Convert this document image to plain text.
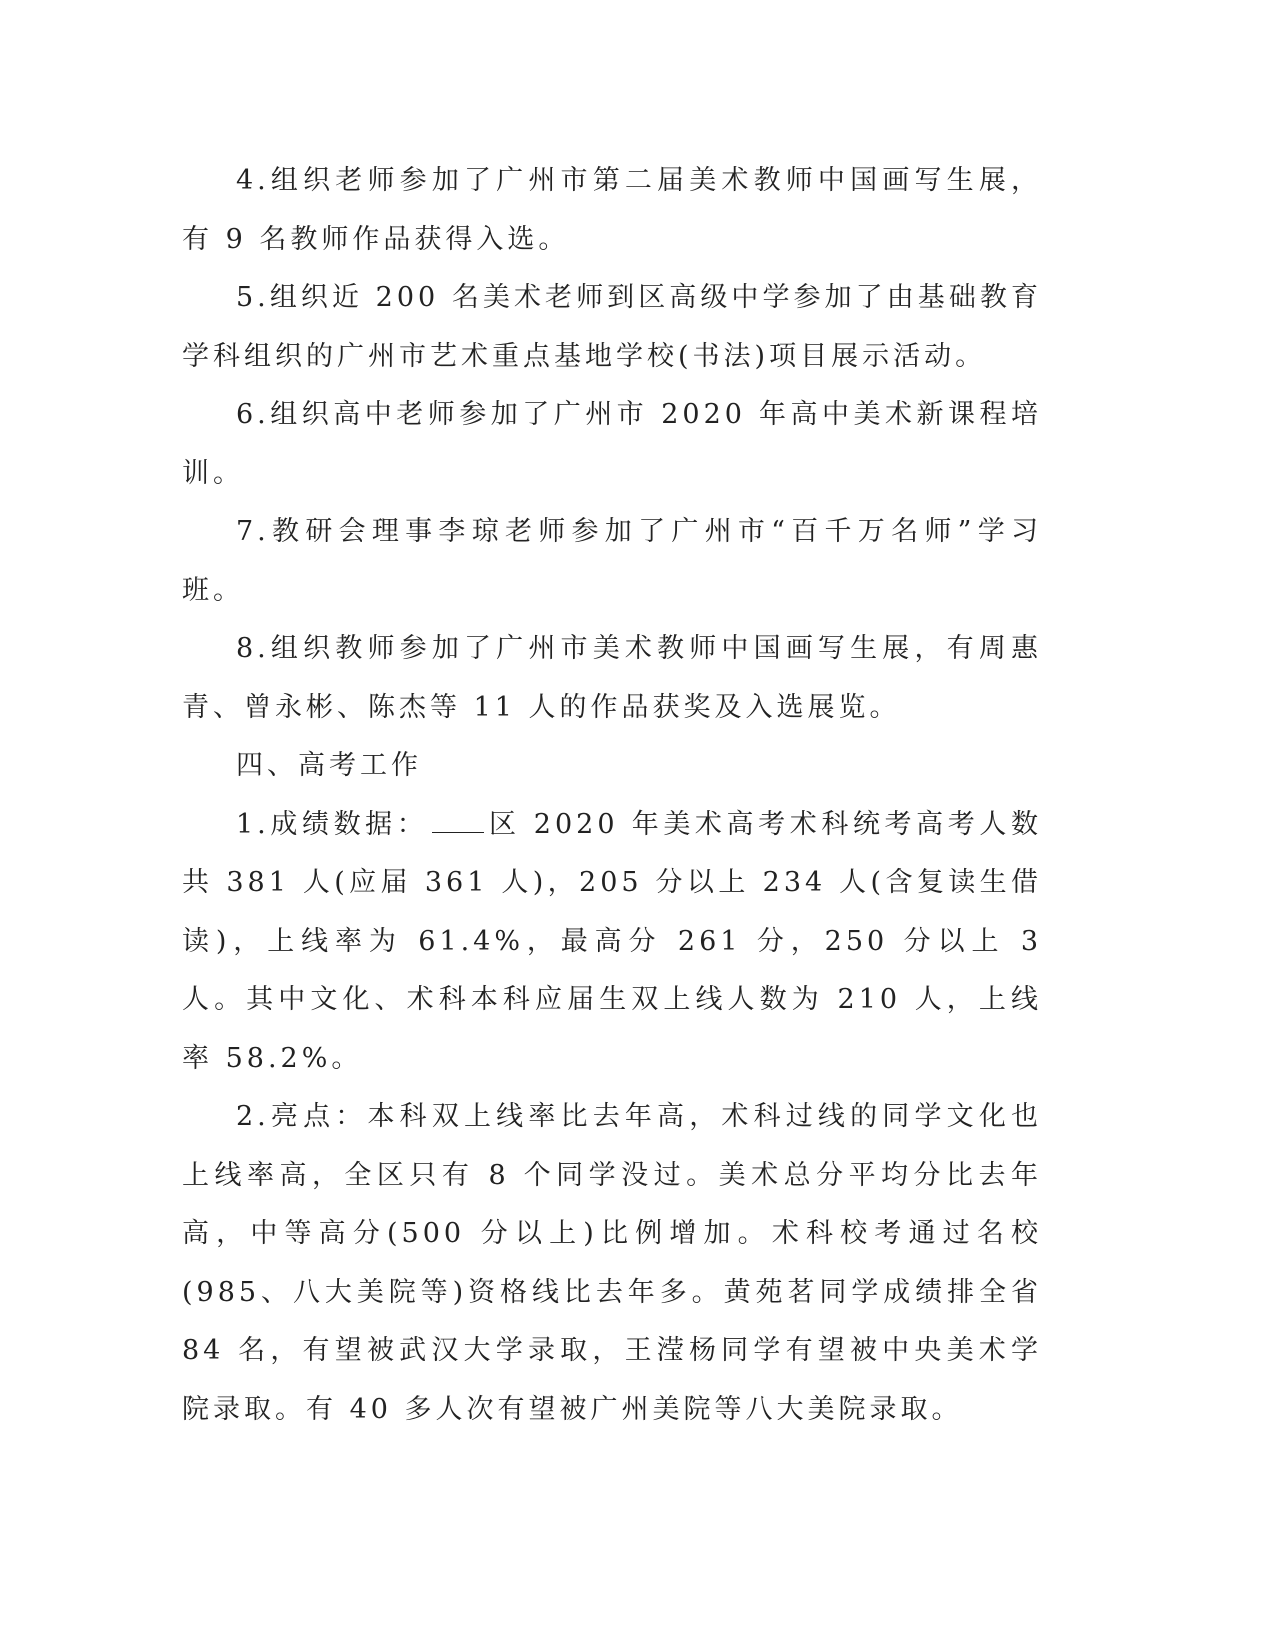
4.组织老师参加了广州市第二届美术教师中国画写生展，有 9 名教师作品获得入选。

5.组织近 200 名美术老师到区高级中学参加了由基础教育学科组织的广州市艺术重点基地学校(书法)项目展示活动。

6.组织高中老师参加了广州市 2020 年高中美术新课程培训。

7.教研会理事李琼老师参加了广州市“百千万名师”学习班。

8.组织教师参加了广州市美术教师中国画写生展，有周惠青、曾永彬、陈杰等 11 人的作品获奖及入选展览。

四、高考工作

1.成绩数据： 区 2020 年美术高考术科统考高考人数共 381 人(应届 361 人)，205 分以上 234 人(含复读生借读)，上线率为 61.4%，最高分 261 分，250 分以上 3 人。其中文化、术科本科应届生双上线人数为 210 人，上线率 58.2%。

2.亮点：本科双上线率比去年高，术科过线的同学文化也上线率高，全区只有 8 个同学没过。美术总分平均分比去年高，中等高分(500 分以上)比例增加。术科校考通过名校(985、八大美院等)资格线比去年多。黄苑茗同学成绩排全省 84 名，有望被武汉大学录取，王滢杨同学有望被中央美术学院录取。有 40 多人次有望被广州美院等八大美院录取。
